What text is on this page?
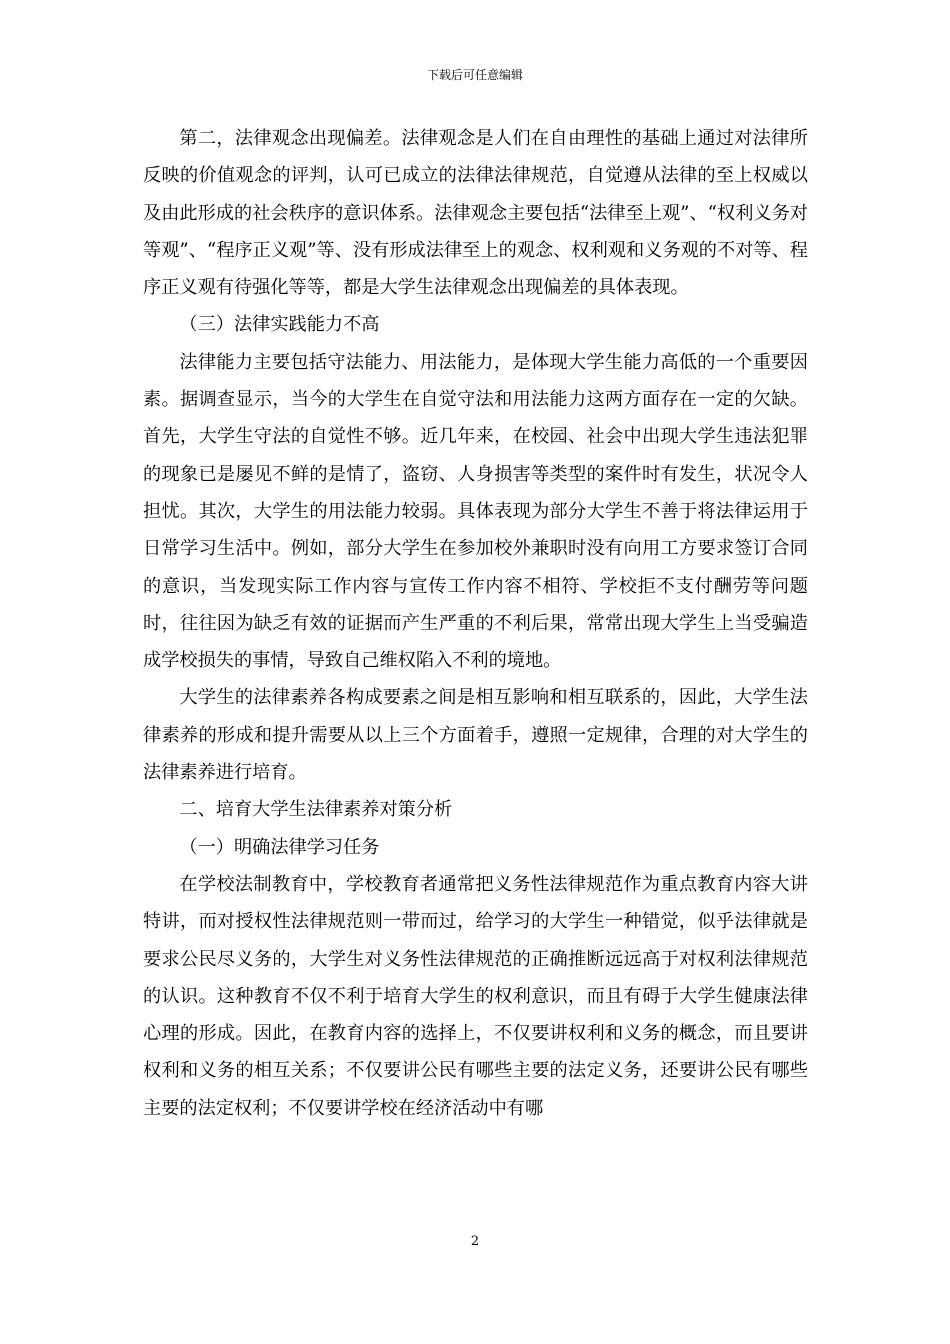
下载后可任意编辑

第二，法律观念出现偏差。法律观念是人们在自由理性的基础上通过对法律所反映的价值观念的评判，认可已成立的法律法律规范，自觉遵从法律的至上权威以及由此形成的社会秩序的意识体系。法律观念主要包括“法律至上观”、“权利义务对等观”、“程序正义观”等、没有形成法律至上的观念、权利观和义务观的不对等、程序正义观有待强化等等，都是大学生法律观念出现偏差的具体表现。

（三）法律实践能力不高

法律能力主要包括守法能力、用法能力，是体现大学生能力高低的一个重要因素。据调查显示，当今的大学生在自觉守法和用法能力这两方面存在一定的欠缺。首先，大学生守法的自觉性不够。近几年来，在校园、社会中出现大学生违法犯罪的现象已是屡见不鲜的是情了，盗窃、人身损害等类型的案件时有发生，状况令人担忧。其次，大学生的用法能力较弱。具体表现为部分大学生不善于将法律运用于日常学习生活中。例如，部分大学生在参加校外兼职时没有向用工方要求签订合同的意识，当发现实际工作内容与宣传工作内容不相符、学校拒不支付酬劳等问题时，往往因为缺乏有效的证据而产生严重的不利后果，常常出现大学生上当受骗造成学校损失的事情，导致自己维权陷入不利的境地。

大学生的法律素养各构成要素之间是相互影响和相互联系的，因此，大学生法律素养的形成和提升需要从以上三个方面着手，遵照一定规律，合理的对大学生的法律素养进行培育。

二、培育大学生法律素养对策分析

（一）明确法律学习任务

在学校法制教育中，学校教育者通常把义务性法律规范作为重点教育内容大讲特讲，而对授权性法律规范则一带而过，给学习的大学生一种错觉，似乎法律就是要求公民尽义务的，大学生对义务性法律规范的正确推断远远高于对权利法律规范的认识。这种教育不仅不利于培育大学生的权利意识，而且有碍于大学生健康法律心理的形成。因此，在教育内容的选择上，不仅要讲权利和义务的概念，而且要讲权利和义务的相互关系；不仅要讲公民有哪些主要的法定义务，还要讲公民有哪些主要的法定权利；不仅要讲学校在经济活动中有哪

2
